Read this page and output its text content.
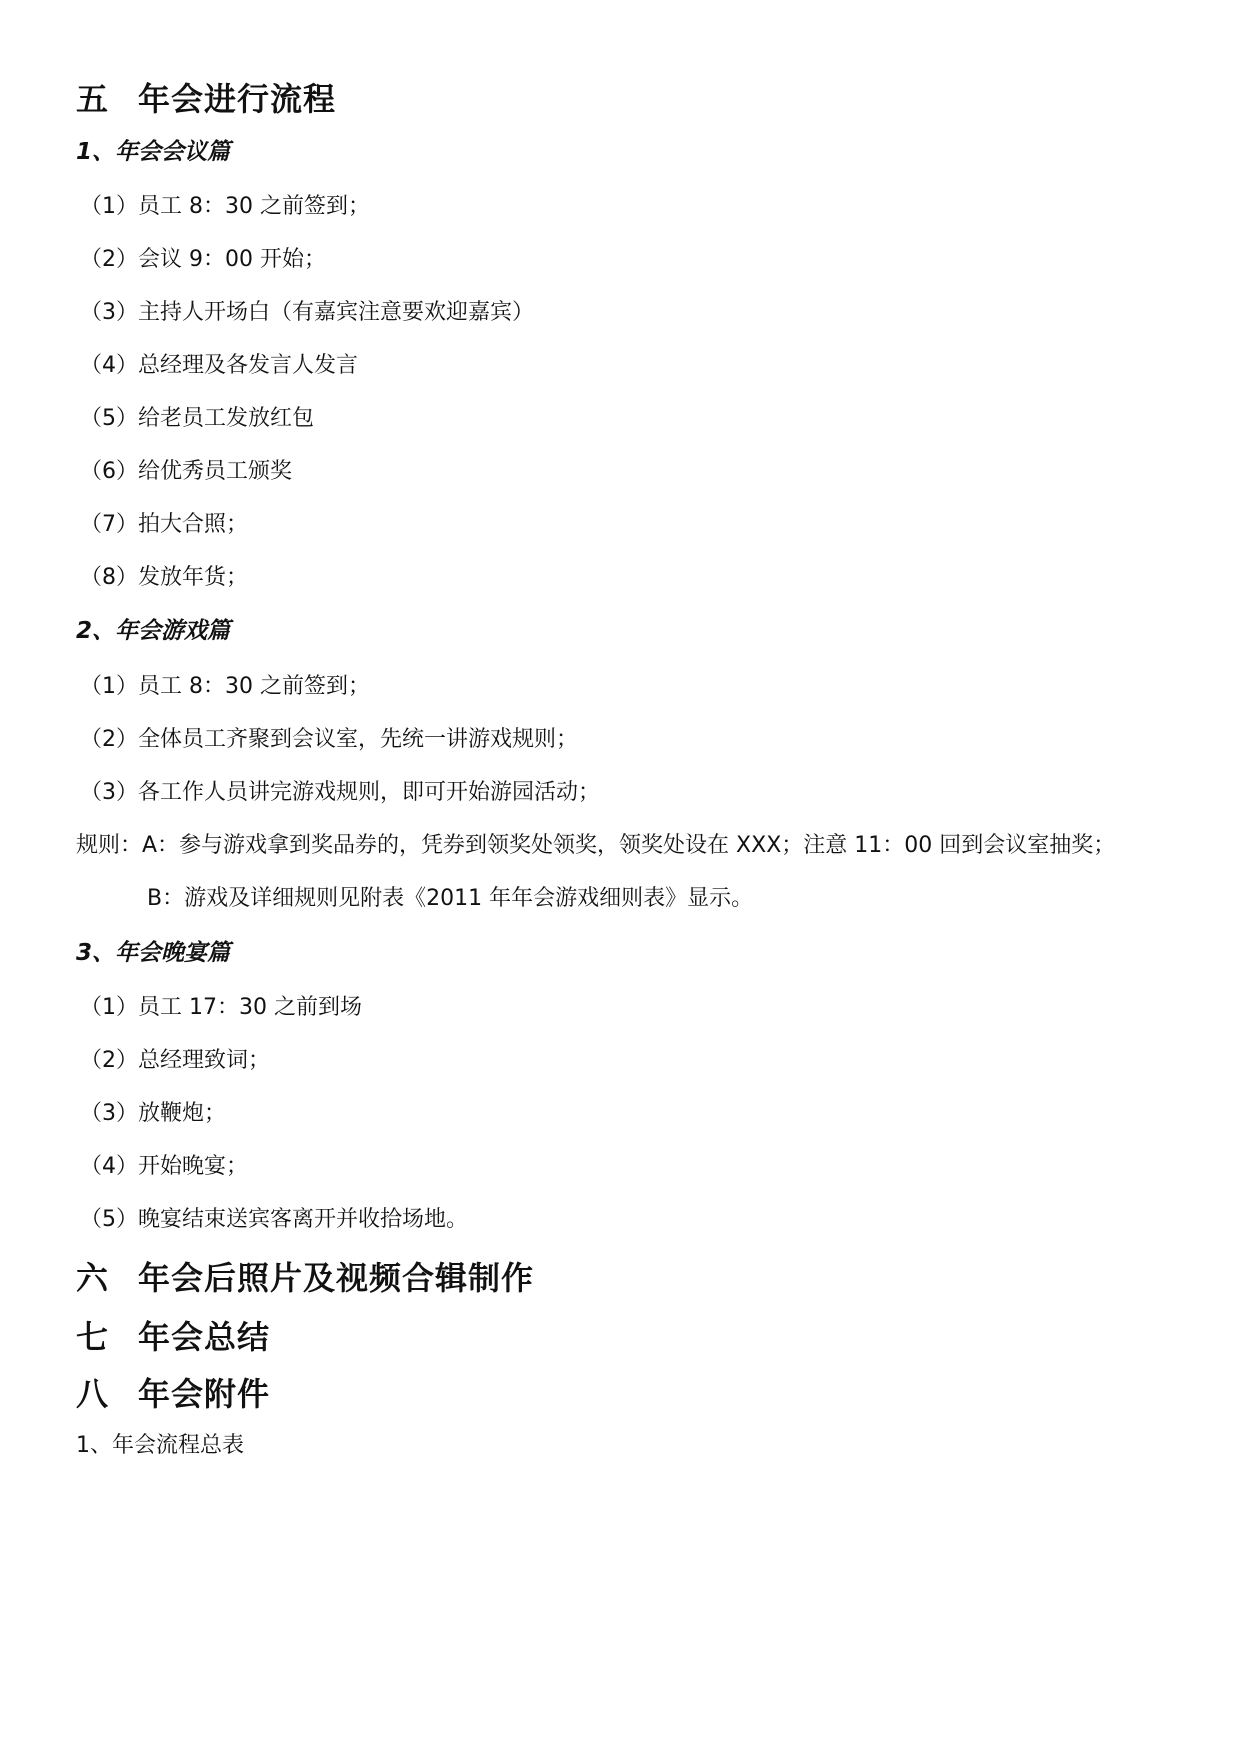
五 年会进行流程
1、年会会议篇
（1）员工 8：30 之前签到；
（2）会议 9：00 开始；
（3）主持人开场白（有嘉宾注意要欢迎嘉宾）
（4）总经理及各发言人发言
（5）给老员工发放红包
（6）给优秀员工颁奖
（7）拍大合照；
（8）发放年货；
2、年会游戏篇
（1）员工 8：30 之前签到；
（2）全体员工齐聚到会议室，先统一讲游戏规则；
（3）各工作人员讲完游戏规则，即可开始游园活动；
规则：A：参与游戏拿到奖品券的，凭券到领奖处领奖，领奖处设在 XXX；注意 11：00 回到会议室抽奖；
B：游戏及详细规则见附表《2011 年年会游戏细则表》显示。
3、年会晚宴篇
（1）员工 17：30 之前到场
（2）总经理致词；
（3）放鞭炮；
（4）开始晚宴；
（5）晚宴结束送宾客离开并收拾场地。
六 年会后照片及视频合辑制作
七 年会总结
八 年会附件
1、年会流程总表
